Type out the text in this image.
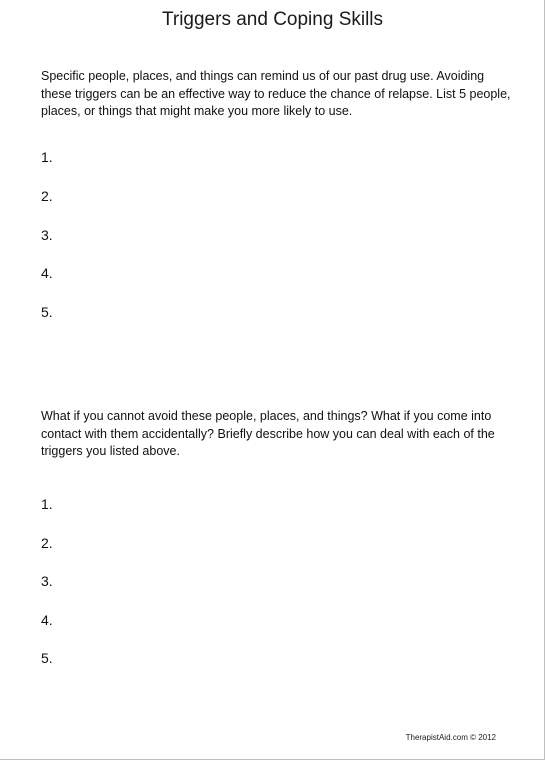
Triggers and Coping Skills
Specific people, places, and things can remind us of our past drug use. Avoiding these triggers can be an effective way to reduce the chance of relapse. List 5 people, places, or things that might make you more likely to use.
1.
2.
3.
4.
5.
What if you cannot avoid these people, places, and things? What if you come into contact with them accidentally? Briefly describe how you can deal with each of the triggers you listed above.
1.
2.
3.
4.
5.
TherapistAid.com © 2012
